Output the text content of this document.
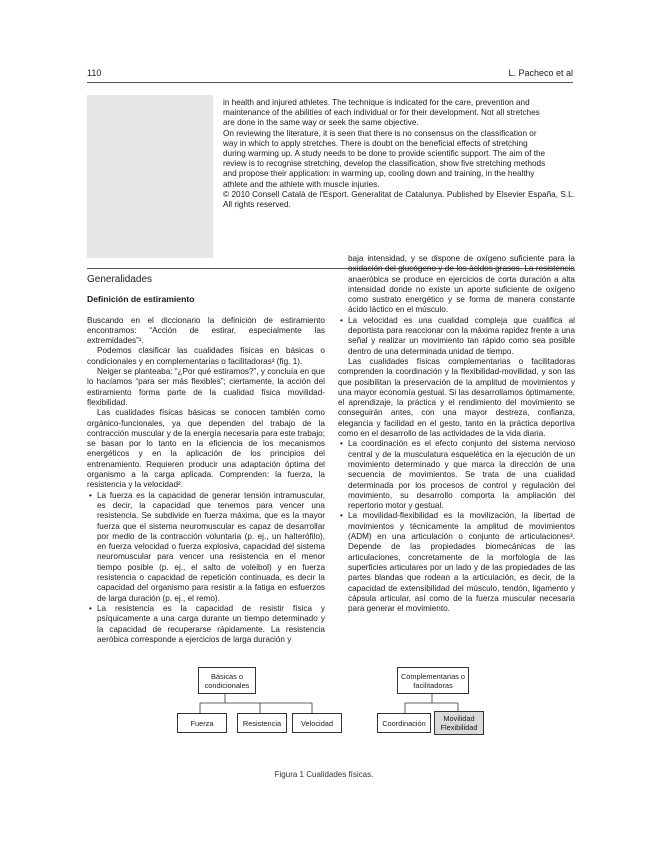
110	L. Pacheco et al

in health and injured athletes. The technique is indicated for the care, prevention and

maintenance of the abilities of each individual or for their development. Not all stretches

are done in the same way or seek the same objective.

On reviewing the literature, it is seen that there is no consensus on the classification or

way in which to apply stretches. There is doubt on the beneficial effects of stretching

during warming up. A study needs to be done to provide scientific support. The aim of the

review is to recognise stretching, develop the classification, show five stretching methods

and propose their application: in warming up, cooling down and training, in the healthy

athlete and the athlete with muscle injuries.

© 2010 Consell Català de l'Esport. Generalitat de Catalunya. Published by Elsevier España, S.L. All rights reserved.

Generalidades
Definición de estiramiento

Buscando en el diccionario la definición de estiramiento encontramos: “Acción de estirar, especialmente las extremidades”¹.

Podemos clasificar las cualidades físicas en básicas o condicionales y en complementarias o facilitadoras² (fig. 1).

Neiger se planteaba: “¿Por qué estiramos?”, y concluía en que lo hacíamos “para ser más flexibles”; ciertamente, la acción del estiramiento forma parte de la cualidad física movilidad-flexibilidad.

Las cualidades físicas básicas se conocen también como orgánico-funcionales, ya que dependen del trabajo de la contracción muscular y de la energía necesaria para este trabajo; se basan por lo tanto en la eficiencia de los mecanismos energéticos y en la aplicación de los principios del entrenamiento. Requieren producir una adaptación óptima del organismo a la carga aplicada. Comprenden: la fuerza, la resistencia y la velocidad².

• La fuerza es la capacidad de generar tensión intramuscular, es decir, la capacidad que tenemos para vencer una resistencia. Se subdivide en fuerza máxima, que es la mayor fuerza que el sistema neuromuscular es capaz de desarrollar por medio de la contracción voluntaria (p. ej., un halterófilo), en fuerza velocidad o fuerza explosiva, capacidad del sistema neuromuscular para vencer una resistencia en el menor tiempo posible (p. ej., el salto de voleibol) y en fuerza resistencia o capacidad de repetición continuada, es decir la capacidad del organismo para resistir a la fatiga en esfuerzos de larga duración (p. ej., el remo).
• La resistencia es la capacidad de resistir física y psíquicamente a una carga durante un tiempo determinado y la capacidad de recuperarse rápidamente. La resistencia aeróbica corresponde a ejercicios de larga duración y

baja intensidad, y se dispone de oxígeno suficiente para la oxidación del glucógeno y de los ácidos grasos. La resistencia anaeróbica se produce en ejercicios de corta duración a alta intensidad donde no existe un aporte suficiente de oxígeno como sustrato energético y se forma de manera constante ácido láctico en el músculo.

• La velocidad es una cualidad compleja que cualifica al deportista para reaccionar con la máxima rapidez frente a una señal y realizar un movimiento tan rápido como sea posible dentro de una determinada unidad de tiempo.

Las cualidades físicas complementarias o facilitadoras comprenden la coordinación y la flexibilidad-movilidad, y son las que posibilitan la preservación de la amplitud de movimientos y una mayor economía gestual. Si las desarrollamos óptimamente, el aprendizaje, la práctica y el rendimiento del movimiento se conseguirán antes, con una mayor destreza, confianza, elegancia y facilidad en el gesto, tanto en la práctica deportiva como en el desarrollo de las actividades de la vida diaria.

• La coordinación es el efecto conjunto del sistema nervioso central y de la musculatura esquelética en la ejecución de un movimiento determinado y que marca la dirección de una secuencia de movimientos. Se trata de una cualidad determinada por los procesos de control y regulación del movimiento, su desarrollo comporta la ampliación del repertorio motor y gestual.
• La movilidad-flexibilidad es la movilización, la libertad de movimientos y técnicamente la amplitud de movimientos (ADM) en una articulación o conjunto de articulaciones³. Depende de las propiedades biomecánicas de las articulaciones, concretamente de la morfología de las superficies articulares por un lado y de las propiedades de las partes blandas que rodean a la articulación, es decir, de la capacidad de extensibilidad del músculo, tendón, ligamento y cápsula articular, así como de la fuerza muscular necesaria para generar el movimiento.
Básicas o condicionales
Complementarias o facilitadoras
Fuerza	Resistencia	Velocidad	Coordinación	Movilidad Flexibilidad
Figura 1 Cualidades físicas.
